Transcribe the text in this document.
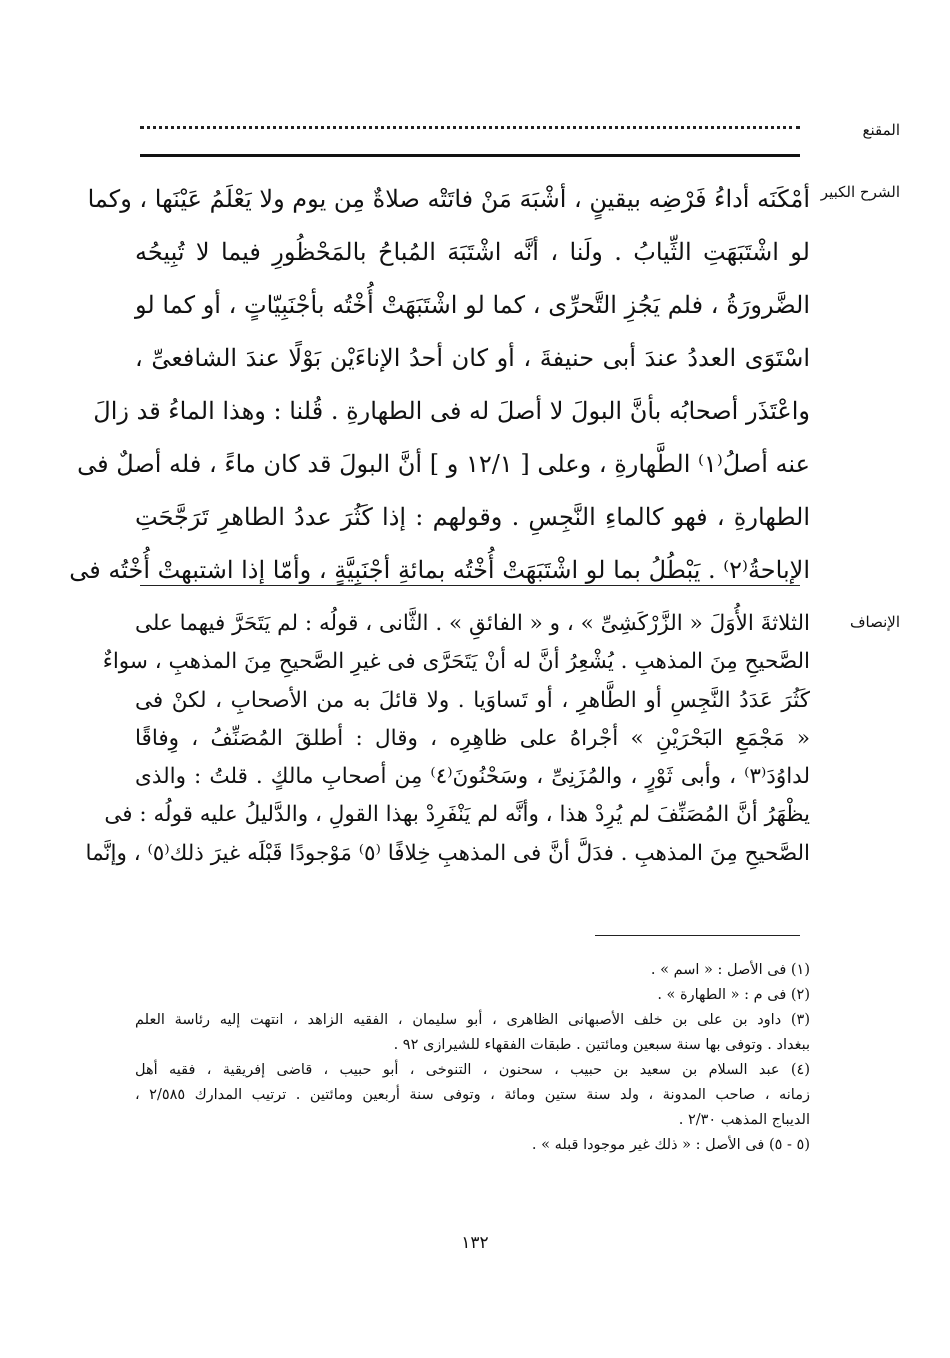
المقنع
الشرح الكبير
أمْكَنَه أداءُ فَرْضِه بيقينٍ ، أشْبَهَ مَنْ فاتَتْه صلاةٌ مِن يوم ولا يَعْلَمُ عَيْنَها ، وكما
لو اشْتَبَهَتِ الثِّيابُ . ولَنا ، أنَّه اشْتَبَهَ المُباحُ بالمَحْظُورِ فيما لا تُبِيحُه
الضَّرورَةُ ، فلم يَجُزِ التَّحرِّى ، كما لو اشْتَبَهَتْ أُخْتُه بأجْنَبِيّاتٍ ، أو كما لو
اسْتَوَى العددُ عندَ أبى حنيفةَ ، أو كان أحدُ الإناءَيْن بَوْلًا عندَ الشافعىِّ ،
واعْتَذَر أصحابُه بأنَّ البولَ لا أصلَ له فى الطهارةِ . قُلنا : وهذا الماءُ قد زالَ
عنه أصلُ⁽١⁾ الطَّهارةِ ، وعلى [ ١٢/١ و ] أنَّ البولَ قد كان ماءً ، فله أصلٌ فى
الطهارةِ ، فهو كالماءِ النَّجِسِ . وقولهم : إذا كَثُرَ عددُ الطاهرِ تَرَجَّحَتِ
الإباحةُ⁽٢⁾ . يَبْطُلُ بما لو اشْتَبَهَتْ أُخْتُه بمائةِ أجْنَبِيَّةٍ ، وأمّا إذا اشتبهتْ أُخْتُه فى
الإنصاف
الثلاثةَ الأُوَلَ « الزَّرْكَشِىِّ » ، و « الفائقِ » . الثَّانى ، قولُه : لم يَتَحَرَّ فيهما على
الصَّحيحِ مِنَ المذهبِ . يُشْعِرُ أنَّ له أنْ يَتَحَرَّى فى غيرِ الصَّحيحِ مِنَ المذهبِ ، سواءٌ
كَثُرَ عَدَدُ النَّجِسِ أو الطَّاهرِ ، أو تَساوَيا . ولا قائلَ به من الأصحابِ ، لكنْ فى
« مَجْمَعِ البَحْرَيْنِ » أجْراهُ على ظاهِرِه ، وقال : أطلقَ المُصَنِّفُ ، وِفاقًا
لداوُدَ⁽٣⁾ ، وأبى ثَوْرٍ ، والمُزَنِىِّ ، وسَحْنُونَ⁽٤⁾ مِن أصحابِ مالكٍ . قلتُ : والذى
يظْهَرُ أنَّ المُصَنِّفَ لم يُرِدْ هذا ، وأنَّه لم يَنْفَرِدْ بهذا القولِ ، والدَّليلُ عليه قولُه : فى
الصَّحيحِ مِنَ المذهبِ . فدَلَّ أنَّ فى المذهبِ خِلافًا ⁽٥⁾ مَوْجودًا قَبْلَه غيرَ ذلك⁽٥⁾ ، وإنَّما
(١) فى الأصل : « اسم » .
(٢) فى م : « الطهارة » .
(٣) داود بن على بن خلف الأصبهانى الظاهرى ، أبو سليمان ، الفقيه الزاهد ، انتهت إليه رئاسة العلم
ببغداد . وتوفى بها سنة سبعين ومائتين . طبقات الفقهاء للشيرازى ٩٢ .
(٤) عبد السلام بن سعيد بن حبيب ، سحنون ، التنوخى ، أبو حبيب ، قاضى إفريقية ، فقيه أهل
زمانه ، صاحب المدونة ، ولد سنة ستين ومائة ، وتوفى سنة أربعين ومائتين . ترتيب المدارك ٢/٥٨٥ ،
الديباج المذهب ٢/٣٠ .
(٥ - ٥) فى الأصل : « ذلك غير موجودا قبله » .
١٣٢
